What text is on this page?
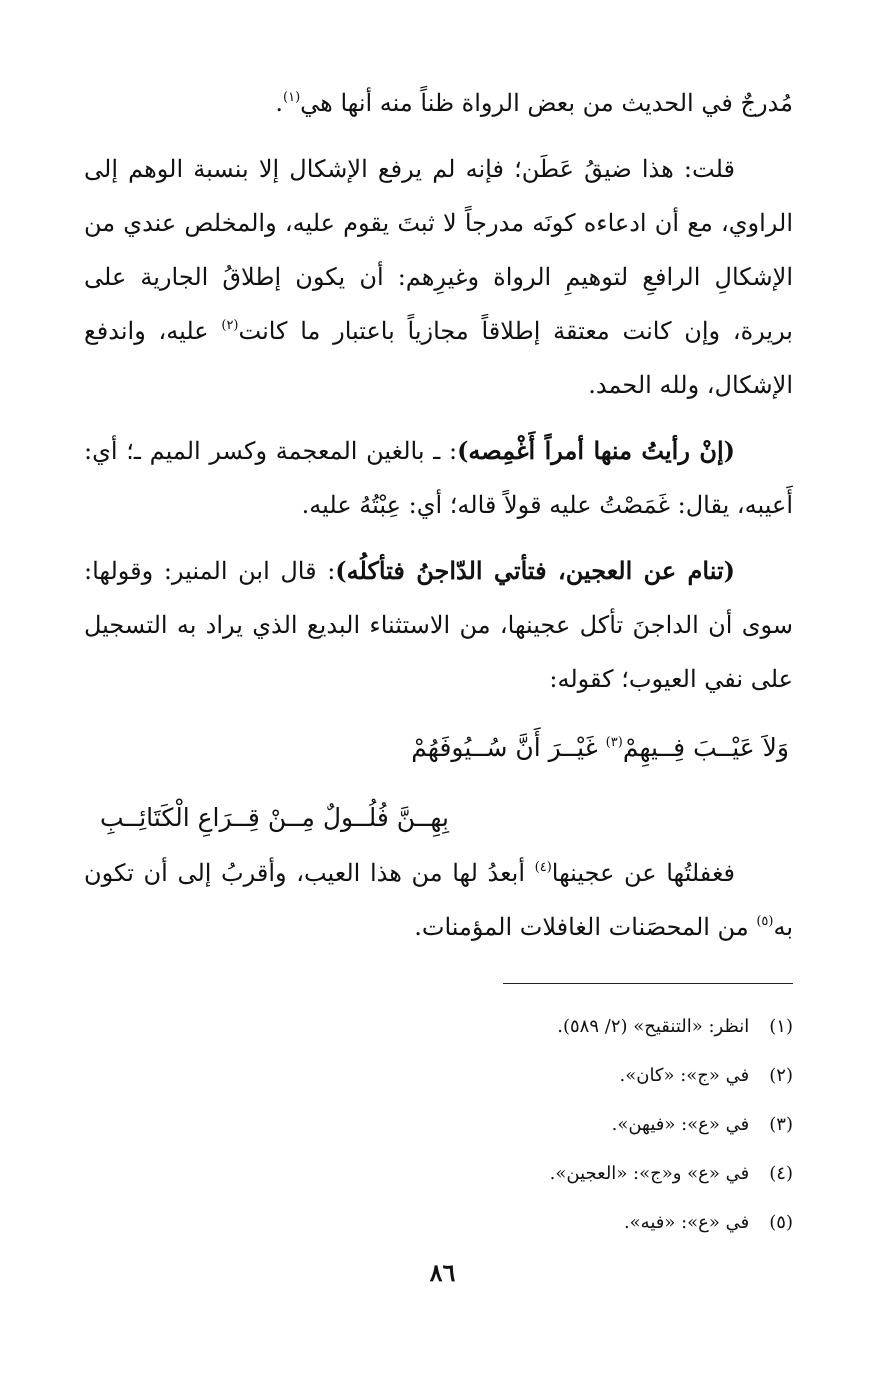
مُدرجٌ في الحديث من بعض الرواة ظناً منه أنها هي$^{(١)}$.

قلت: هذا ضيقُ عَطَن؛ فإنه لم يرفع الإشكال إلا بنسبة الوهم إلى الراوي، مع أن ادعاءه كونَه مدرجاً لا ثبتَ يقوم عليه، والمخلص عندي من الإشكالِ الرافعِ لتوهيمِ الرواة وغيرِهم: أن يكون إطلاقُ الجارية على بريرة، وإن كانت معتقة إطلاقاً مجازياً باعتبار ما كانت$^{(٢)}$ عليه، واندفع الإشكال، ولله الحمد.

(إنْ رأيتُ منها أمراً أَغْمِصه): ـ بالغين المعجمة وكسر الميم ـ؛ أي: أَعيبه، يقال: غَمَصْتُ عليه قولاً قاله؛ أي: عِبْتُهُ عليه.

(تنام عن العجين، فتأتي الدّاجنُ فتأكلُه): قال ابن المنير: وقولها: سوى أن الداجنَ تأكل عجينها، من الاستثناء البديع الذي يراد به التسجيل على نفي العيوب؛ كقوله:

وَلاَ عَيْــبَ فِــيهِمْ$^{(٣)}$ غَيْــرَ أَنَّ سُــيُوفَهُمْ
بِهِــنَّ فُلُــولٌ مِــنْ قِــرَاعِ الْكَتَائِــبِ

فغفلتُها عن عجينها$^{(٤)}$ أبعدُ لها من هذا العيب، وأقربُ إلى أن تكون به$^{(٥)}$ من المحصَنات الغافلات المؤمنات.

(١) انظر: «التنقيح» (٢/ ٥٨٩).

(٢) في «ج»: «كان».

(٣) في «ع»: «فيهن».

(٤) في «ع» و«ج»: «العجين».

(٥) في «ع»: «فيه».

٨٦
